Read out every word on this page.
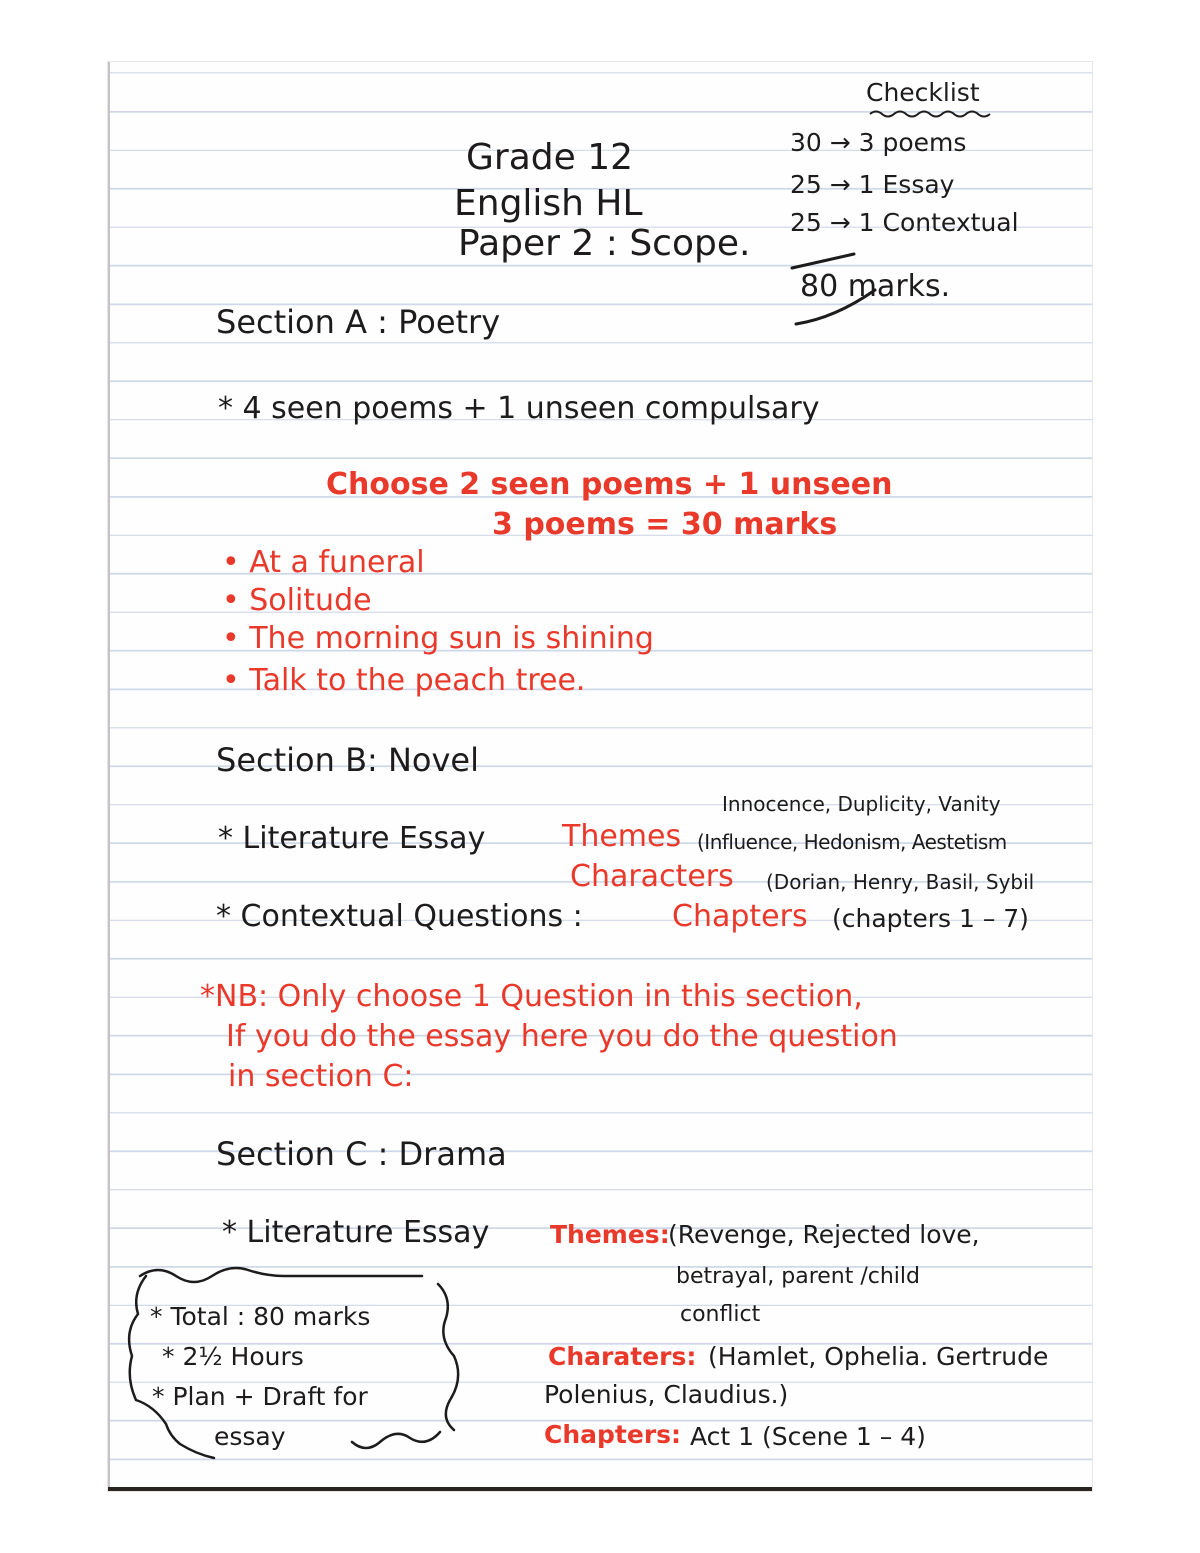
Grade 12
English HL
Paper 2 : Scope.
Checklist
30 → 3 poems
25 → 1 Essay
25 → 1 Contextual
80 marks.
Section A : Poetry
* 4 seen poems + 1 unseen compulsary
Choose 2 seen poems + 1 unseen
3 poems = 30 marks
• At a funeral
• Solitude
• The morning sun is shining
• Talk to the peach tree.
Section B: Novel
Innocence, Duplicity, Vanity
* Literature Essay	Themes (Influence, Hedonism, Aestetism
Characters (Dorian, Henry, Basil, Sybil
* Contextual Questions :	Chapters (chapters 1 – 7)
*NB: Only choose 1 Question in this section,
If you do the essay here you do the question
in section C:
Section C : Drama
* Literature Essay Themes:
(Revenge, Rejected love,
betrayal, parent /child
conflict
Charaters: (Hamlet, Ophelia. Gertrude
Polenius, Claudius.)
Chapters: Act 1 (Scene 1 – 4)
* Total : 80 marks
* 2½ Hours
* Plan + Draft for
essay
